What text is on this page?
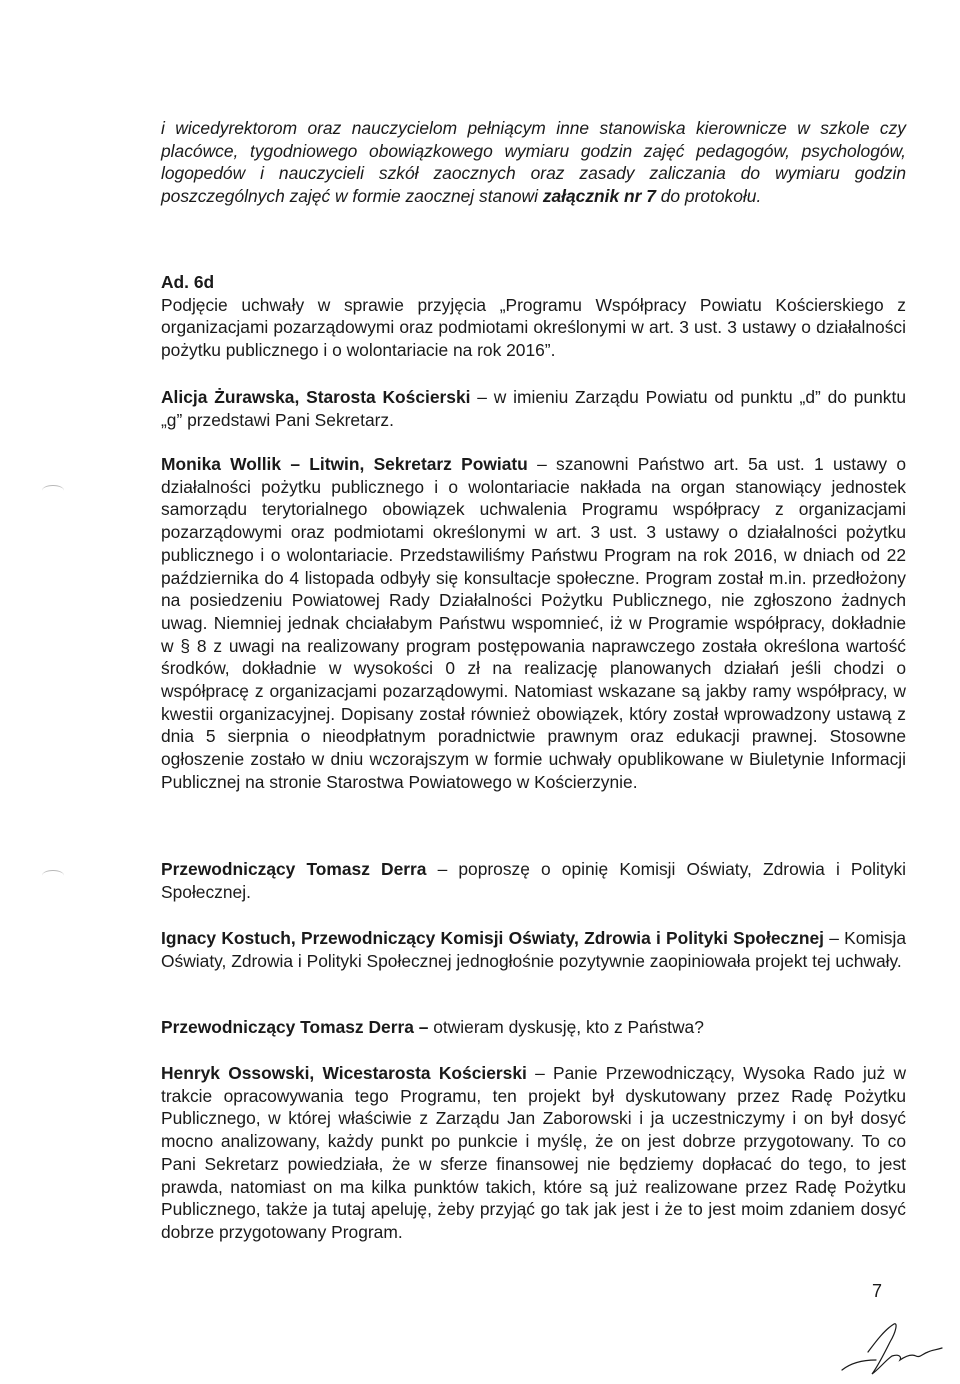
i wicedyrektorom oraz nauczycielom pełniącym inne stanowiska kierownicze w szkole czy placówce, tygodniowego obowiązkowego wymiaru godzin zajęć pedagogów, psychologów, logopedów i nauczycieli szkół zaocznych oraz zasady zaliczania do wymiaru godzin poszczególnych zajęć w formie zaocznej stanowi załącznik nr 7 do protokołu.

Ad. 6d
Podjęcie uchwały w sprawie przyjęcia „Programu Współpracy Powiatu Kościerskiego z organizacjami pozarządowymi oraz podmiotami określonymi w art. 3 ust. 3 ustawy o działalności pożytku publicznego i o wolontariacie na rok 2016”.

Alicja Żurawska, Starosta Kościerski – w imieniu Zarządu Powiatu od punktu „d” do punktu „g” przedstawi Pani Sekretarz.

Monika Wollik – Litwin, Sekretarz Powiatu – szanowni Państwo art. 5a ust. 1 ustawy o działalności pożytku publicznego i o wolontariacie nakłada na organ stanowiący jednostek samorządu terytorialnego obowiązek uchwalenia Programu współpracy z organizacjami pozarządowymi oraz podmiotami określonymi w art. 3 ust. 3 ustawy o działalności pożytku publicznego i o wolontariacie. Przedstawiliśmy Państwu Program na rok 2016, w dniach od 22 października do 4 listopada odbyły się konsultacje społeczne. Program został m.in. przedłożony na posiedzeniu Powiatowej Rady Działalności Pożytku Publicznego, nie zgłoszono żadnych uwag. Niemniej jednak chciałabym Państwu wspomnieć, iż w Programie współpracy, dokładnie w § 8 z uwagi na realizowany program postępowania naprawczego została określona wartość środków, dokładnie w wysokości 0 zł na realizację planowanych działań jeśli chodzi o współpracę z organizacjami pozarządowymi. Natomiast wskazane są jakby ramy współpracy, w kwestii organizacyjnej. Dopisany został również obowiązek, który został wprowadzony ustawą z dnia 5 sierpnia o nieodpłatnym poradnictwie prawnym oraz edukacji prawnej. Stosowne ogłoszenie zostało w dniu wczorajszym w formie uchwały opublikowane w Biuletynie Informacji Publicznej na stronie Starostwa Powiatowego w Kościerzynie.

Przewodniczący Tomasz Derra – poproszę o opinię Komisji Oświaty, Zdrowia i Polityki Społecznej.

Ignacy Kostuch, Przewodniczący Komisji Oświaty, Zdrowia i Polityki Społecznej – Komisja Oświaty, Zdrowia i Polityki Społecznej jednogłośnie pozytywnie zaopiniowała projekt tej uchwały.

Przewodniczący Tomasz Derra – otwieram dyskusję, kto z Państwa?

Henryk Ossowski, Wicestarosta Kościerski – Panie Przewodniczący, Wysoka Rado już w trakcie opracowywania tego Programu, ten projekt był dyskutowany przez Radę Pożytku Publicznego, w której właściwie z Zarządu Jan Zaborowski i ja uczestniczymy i on był dosyć mocno analizowany, każdy punkt po punkcie i myślę, że on jest dobrze przygotowany. To co Pani Sekretarz powiedziała, że w sferze finansowej nie będziemy dopłacać do tego, to jest prawda, natomiast on ma kilka punktów takich, które są już realizowane przez Radę Pożytku Publicznego, także ja tutaj apeluję, żeby przyjąć go tak jak jest i że to jest moim zdaniem dosyć dobrze przygotowany Program.

7
